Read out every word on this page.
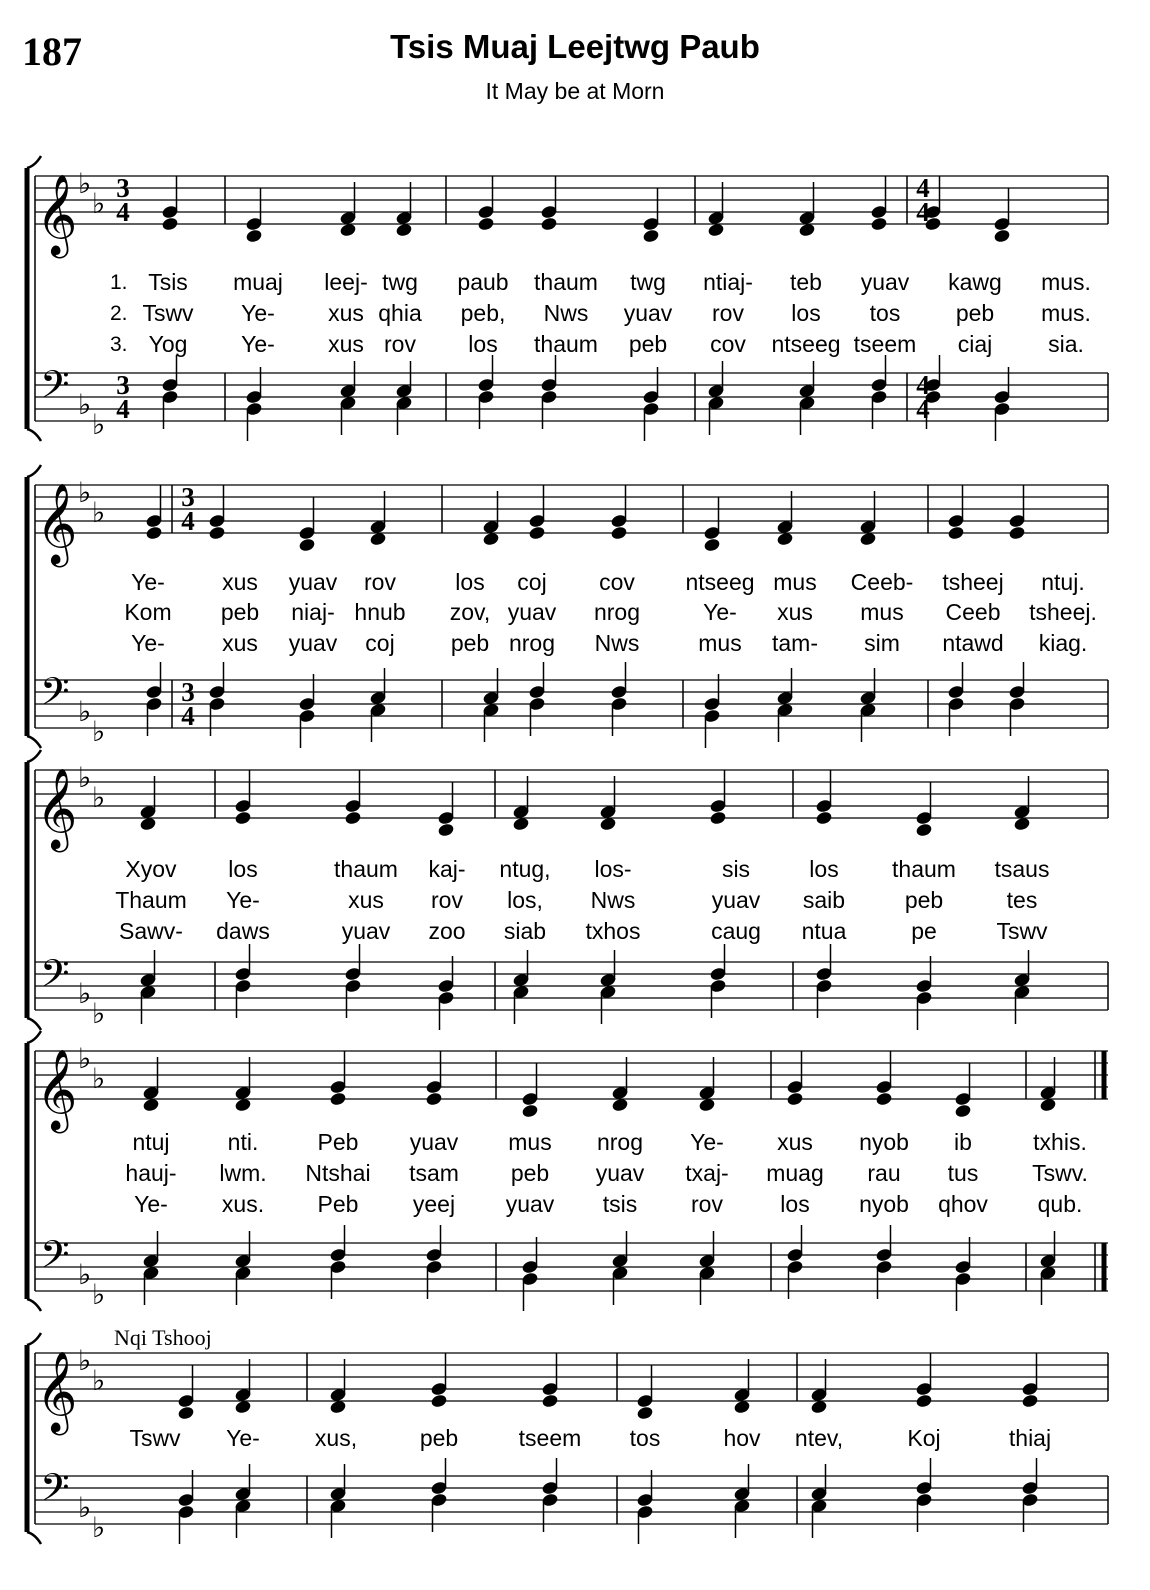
187	Tsis Muaj Leejtwg Paub
It May be at Morn
𝄞
𝄢
♭
♭
♭
♭
3
4
3
4
4
4
4
4
1.
2.
3.
Tsis muaj leej- twg paub thaum twg ntiaj- teb yuav kawg mus.
Tswv Ye- xus qhia peb, Nws yuav rov los tos peb mus.
Yog Ye- xus rov los thaum peb cov ntseeg tseem ciaj sia.
𝄞
𝄢
♭
♭
♭
♭
3
4
3
4
Ye- xus yuav rov	los coj cov ntseeg mus Ceeb- tsheej ntuj.
Kom peb niaj- hnub zov, yuav nrog	Ye- xus mus Ceeb tsheej.
Ye- xus yuav coj peb nrog Nws	mus tam- sim ntawd kiag.
𝄞
𝄢
♭
♭
♭
♭
Xyov los	thaum kaj- ntug, los-	sis	los thaum tsaus
Thaum Ye-	xus rov los, Nws	yuav saib	peb	tes
Sawv- daws	yuav zoo siab txhos	caug ntua	pe	Tswv
𝄞
𝄢
♭
♭
♭
♭
ntuj	nti.	Peb yuav mus nrog Ye- xus nyob ib	txhis.
hauj- lwm. Ntshai tsam peb yuav txaj- muag rau tus Tswv.
Ye- xus. Peb yeej yuav tsis rov los nyob qhov qub.
𝄞
𝄢
♭
♭
♭
♭
Tswv Ye- xus,	peb	tseem tos	hov ntev,	Koj	thiaj
Nqi Tshooj
